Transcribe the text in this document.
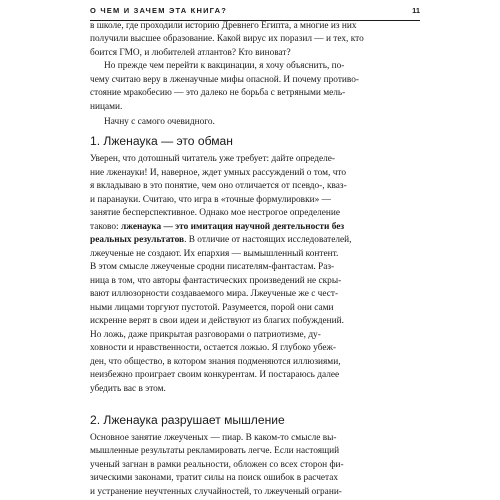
О ЧЕМ И ЗАЧЕМ ЭТА КНИГА?	11
в школе, где проходили историю Древнего Египта, а многие из них
получили высшее образование. Какой вирус их поразил — и тех, кто
боится ГМО, и любителей атлантов? Кто виноват?
Но прежде чем перейти к вакцинации, я хочу объяснить, по-
чему считаю веру в лженаучные мифы опасной. И почему противо-
стояние мракобесию — это далеко не борьба с ветряными мель-
ницами.
Начну с самого очевидного.
1. Лженаука — это обман
Уверен, что дотошный читатель уже требует: дайте определе-
ние лженауки! И, наверное, ждет умных рассуждений о том, что
я вкладываю в это понятие, чем оно отличается от псевдо-, кваз-
и паранауки. Считаю, что игра в «точные формулировки» —
занятие бесперспективное. Однако мое нестрогое определение
таково: лженаука — это имитация научной деятельности без
реальных результатов. В отличие от настоящих исследователей,
лжеученые не создают. Их епархия — вымышленный контент.
В этом смысле лжеученые сродни писателям-фантастам. Раз-
ница в том, что авторы фантастических произведений не скры-
вают иллюзорности создаваемого мира. Лжеученые же с чест-
ными лицами торгуют пустотой. Разумеется, порой они сами
искренне верят в свои идеи и действуют из благих побуждений.
Но ложь, даже прикрытая разговорами о патриотизме, ду-
ховности и нравственности, остается ложью. Я глубоко убеж-
ден, что общество, в котором знания подменяются иллюзиями,
неизбежно проиграет своим конкурентам. И постараюсь далее
убедить вас в этом.
2. Лженаука разрушает мышление
Основное занятие лжеученых — пиар. В каком-то смысле вы-
мышленные результаты рекламировать легче. Если настоящий
ученый загнан в рамки реальности, обложен со всех сторон фи-
зическими законами, тратит силы на поиск ошибок в расчетах
и устранение неучтенных случайностей, то лжеученый ограни-
